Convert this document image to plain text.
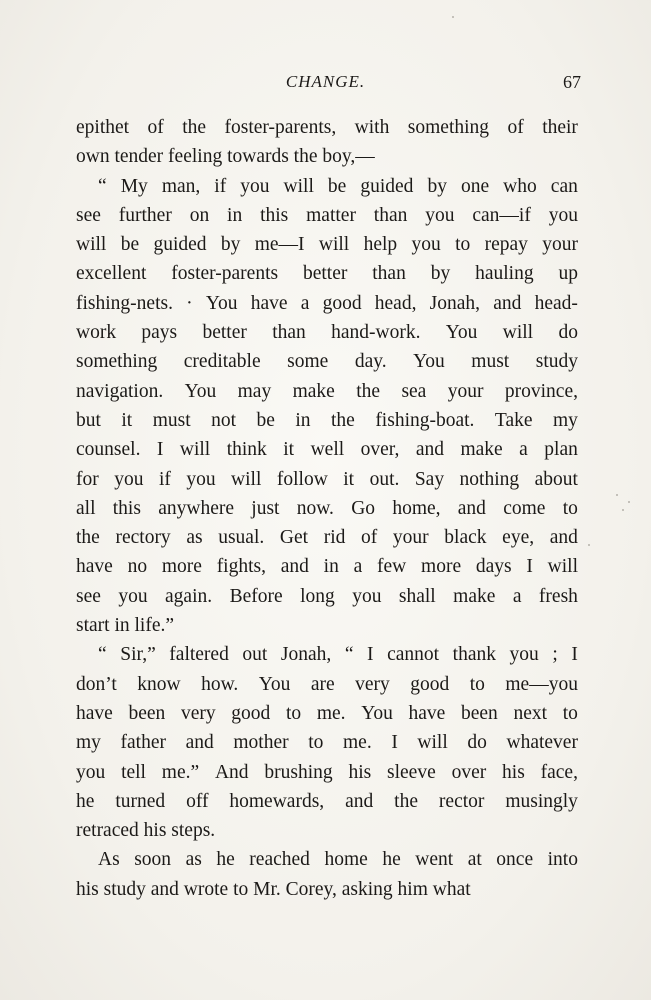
CHANGE.	67
epithet of the foster-parents, with something of their
own tender feeling towards the boy,—
“ My man, if you will be guided by one who can
see further on in this matter than you can—if you
will be guided by me—I will help you to repay your
excellent foster-parents better than by hauling up
fishing-nets. · You have a good head, Jonah, and head-
work pays better than hand-work. You will do
something creditable some day. You must study
navigation. You may make the sea your province,
but it must not be in the fishing-boat. Take my
counsel. I will think it well over, and make a plan
for you if you will follow it out. Say nothing about
all this anywhere just now. Go home, and come to
the rectory as usual. Get rid of your black eye, and
have no more fights, and in a few more days I will
see you again. Before long you shall make a fresh
start in life.”
“ Sir,” faltered out Jonah, “ I cannot thank you ; I
don’t know how. You are very good to me—you
have been very good to me. You have been next to
my father and mother to me. I will do whatever
you tell me.” And brushing his sleeve over his face,
he turned off homewards, and the rector musingly
retraced his steps.
As soon as he reached home he went at once into
his study and wrote to Mr. Corey, asking him what
